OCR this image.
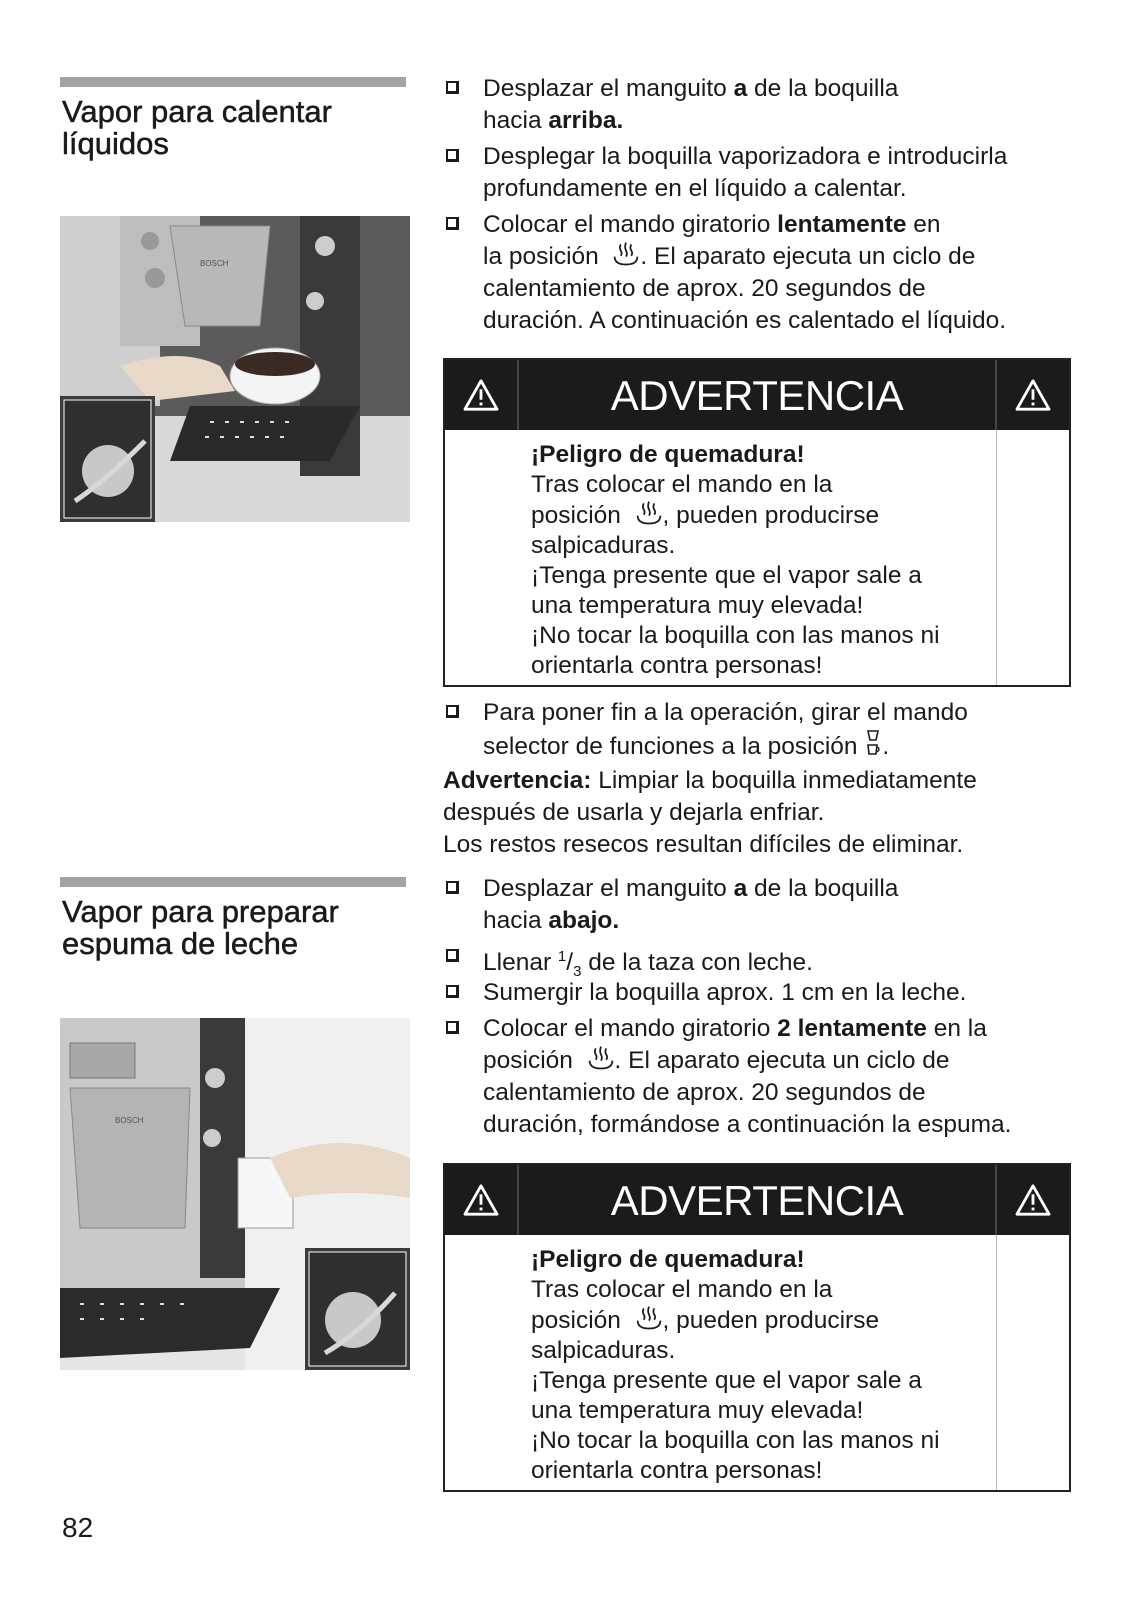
Vapor para calentar
líquidos
BOSCH
Vapor para preparar
espuma de leche
BOSCH
82
Desplazar el manguito a de la boquilla
hacia arriba.
Desplegar la boquilla vaporizadora e introducirla
profundamente en el líquido a calentar.
Colocar el mando giratorio lentamente en
la posición . El aparato ejecuta un ciclo de
calentamiento de aprox. 20 segundos de
duración. A continuación es calentado el líquido.
ADVERTENCIA

¡Peligro de quemadura!

Tras colocar el mando en la

posición , pueden producirse

salpicaduras.

¡Tenga presente que el vapor sale a

una temperatura muy elevada!

¡No tocar la boquilla con las manos ni

orientarla contra personas!

Para poner fin a la operación, girar el mando
selector de funciones a la posición .
Advertencia: Limpiar la boquilla inmediatamente
después de usarla y dejarla enfriar.
Los restos resecos resultan difíciles de eliminar.
Desplazar el manguito a de la boquilla
hacia abajo.
Llenar $^1/_3$ de la taza con leche.
Sumergir la boquilla aprox. 1 cm en la leche.
Colocar el mando giratorio 2 lentamente en la
posición . El aparato ejecuta un ciclo de
calentamiento de aprox. 20 segundos de
duración, formándose a continuación la espuma.
ADVERTENCIA

¡Peligro de quemadura!

Tras colocar el mando en la

posición , pueden producirse

salpicaduras.

¡Tenga presente que el vapor sale a

una temperatura muy elevada!

¡No tocar la boquilla con las manos ni

orientarla contra personas!
